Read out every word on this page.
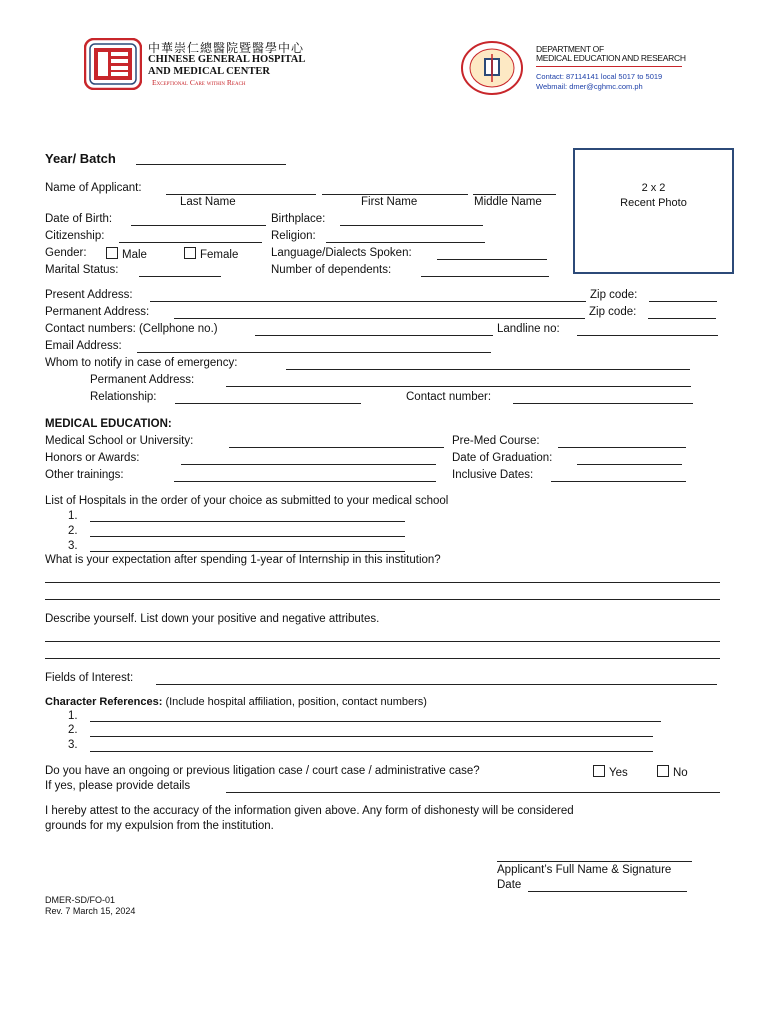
中華崇仁總醫院暨醫學中心
CHINESE GENERAL HOSPITAL
AND MEDICAL CENTER
Exceptional Care within Reach
DEPARTMENT OF
MEDICAL EDUCATION AND RESEARCH
Contact: 87114141 local 5017 to 5019
Webmail: dmer@cghmc.com.ph
Year/ Batch
2 x 2
Recent Photo
Name of Applicant:
Last Name	First Name	Middle Name
Date of Birth:	Birthplace:
Citizenship:	Religion:
Gender:	Male	Female	Language/Dialects Spoken:
Marital Status:	Number of dependents:
Present Address:	Zip code:
Permanent Address:	Zip code:
Contact numbers: (Cellphone no.)	Landline no:
Email Address:
Whom to notify in case of emergency:
Permanent Address:
Relationship:	Contact number:
MEDICAL EDUCATION:
Medical School or University:	Pre-Med Course:
Honors or Awards:	Date of Graduation:
Other trainings:	Inclusive Dates:
List of Hospitals in the order of your choice as submitted to your medical school
1.
2.
3.
What is your expectation after spending 1-year of Internship in this institution?
Describe yourself. List down your positive and negative attributes.
Fields of Interest:
Character References: (Include hospital affiliation, position, contact numbers)
1.
2.
3.
Do you have an ongoing or previous litigation case / court case / administrative case?	Yes	No
If yes, please provide details
I hereby attest to the accuracy of the information given above. Any form of dishonesty will be considered
grounds for my expulsion from the institution.
Applicant’s Full Name & Signature
Date
DMER-SD/FO-01
Rev. 7 March 15, 2024
